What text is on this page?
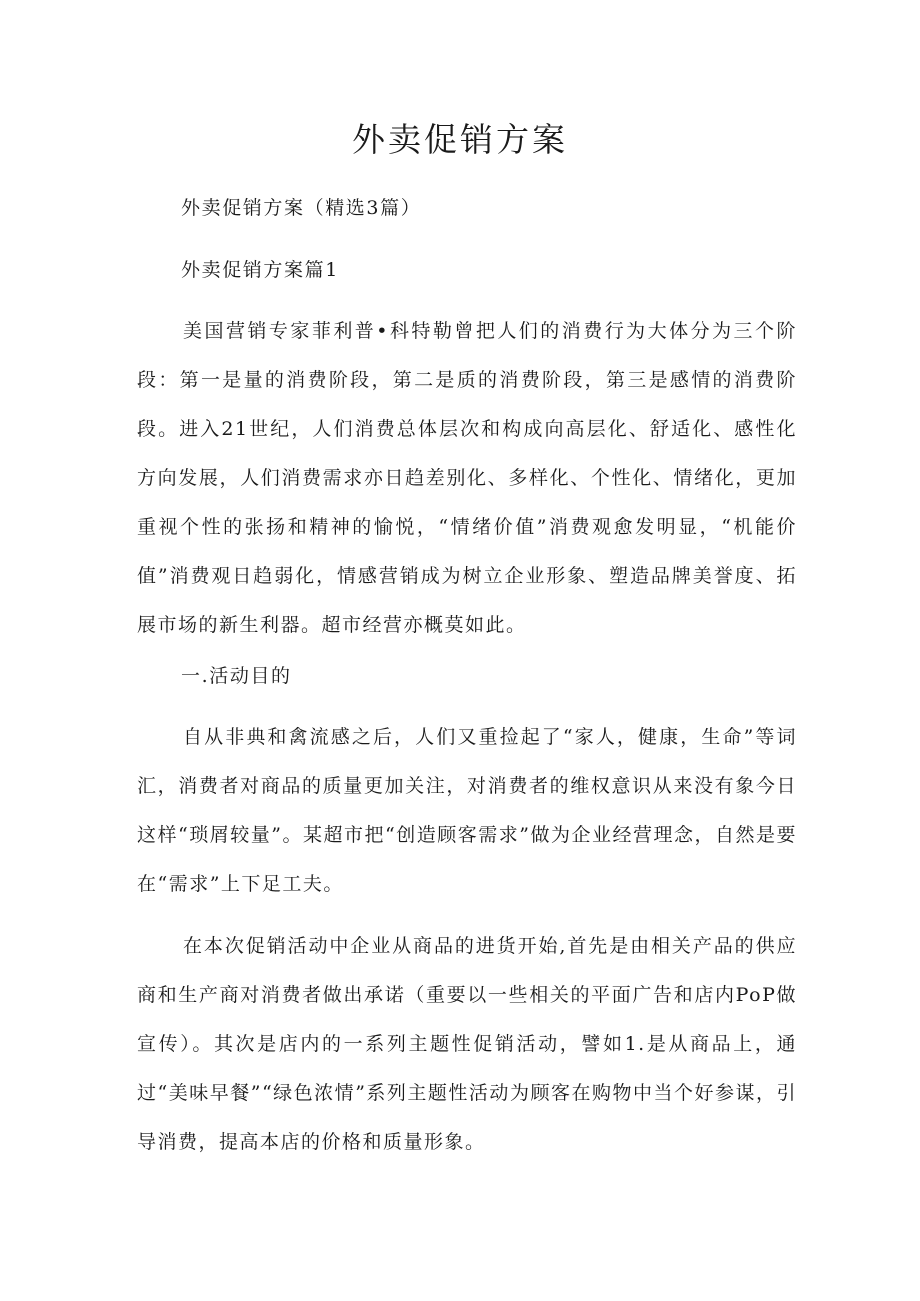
外卖促销方案
外卖促销方案（精选3篇）
外卖促销方案篇1

美国营销专家菲利普•科特勒曾把人们的消费行为大体分为三个阶段：第一是量的消费阶段，第二是质的消费阶段，第三是感情的消费阶段。进入21世纪，人们消费总体层次和构成向高层化、舒适化、感性化方向发展，人们消费需求亦日趋差别化、多样化、个性化、情绪化，更加重视个性的张扬和精神的愉悦，“情绪价值”消费观愈发明显，“机能价值”消费观日趋弱化，情感营销成为树立企业形象、塑造品牌美誉度、拓展市场的新生利器。超市经营亦概莫如此。

一.活动目的

自从非典和禽流感之后，人们又重捡起了“家人，健康，生命”等词汇，消费者对商品的质量更加关注，对消费者的维权意识从来没有象今日这样“琐屑较量”。某超市把“创造顾客需求”做为企业经营理念，自然是要在“需求”上下足工夫。

在本次促销活动中企业从商品的进货开始,首先是由相关产品的供应商和生产商对消费者做出承诺（重要以一些相关的平面广告和店内PoP做宣传）。其次是店内的一系列主题性促销活动，譬如1.是从商品上，通过“美味早餐”“绿色浓情”系列主题性活动为顾客在购物中当个好参谋，引导消费，提高本店的价格和质量形象。
